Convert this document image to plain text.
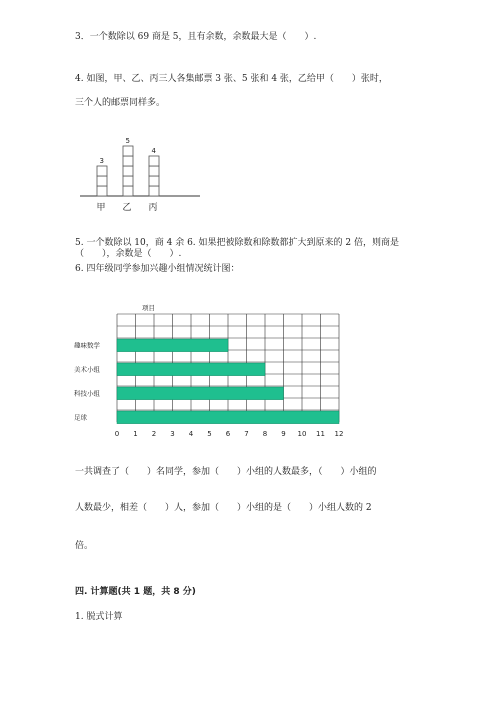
3．一个数除以 69 商是 5，且有余数，余数最大是（　　）.
4. 如图，甲、乙、丙三人各集邮票 3 张、5 张和 4 张，乙给甲（　　）张时，
三个人的邮票同样多。
3
甲
5
乙
4
丙
5. 一个数除以 10，商 4 余 6. 如果把被除数和除数都扩大到原来的 2 倍，则商是
（　　），余数是（　　）.
6. 四年级同学参加兴趣小组情况统计图：
项目
趣味数学
美术小组
科技小组
足球
0 1 2 3 4 5 6 7 8 9 10 11 12
一共调查了（　　）名同学，参加（　　）小组的人数最多，（　　）小组的
人数最少，相差（　　）人，参加（　　）小组的是（　　）小组人数的 2
倍。
四. 计算题(共 1 题，共 8 分)
1. 脱式计算
